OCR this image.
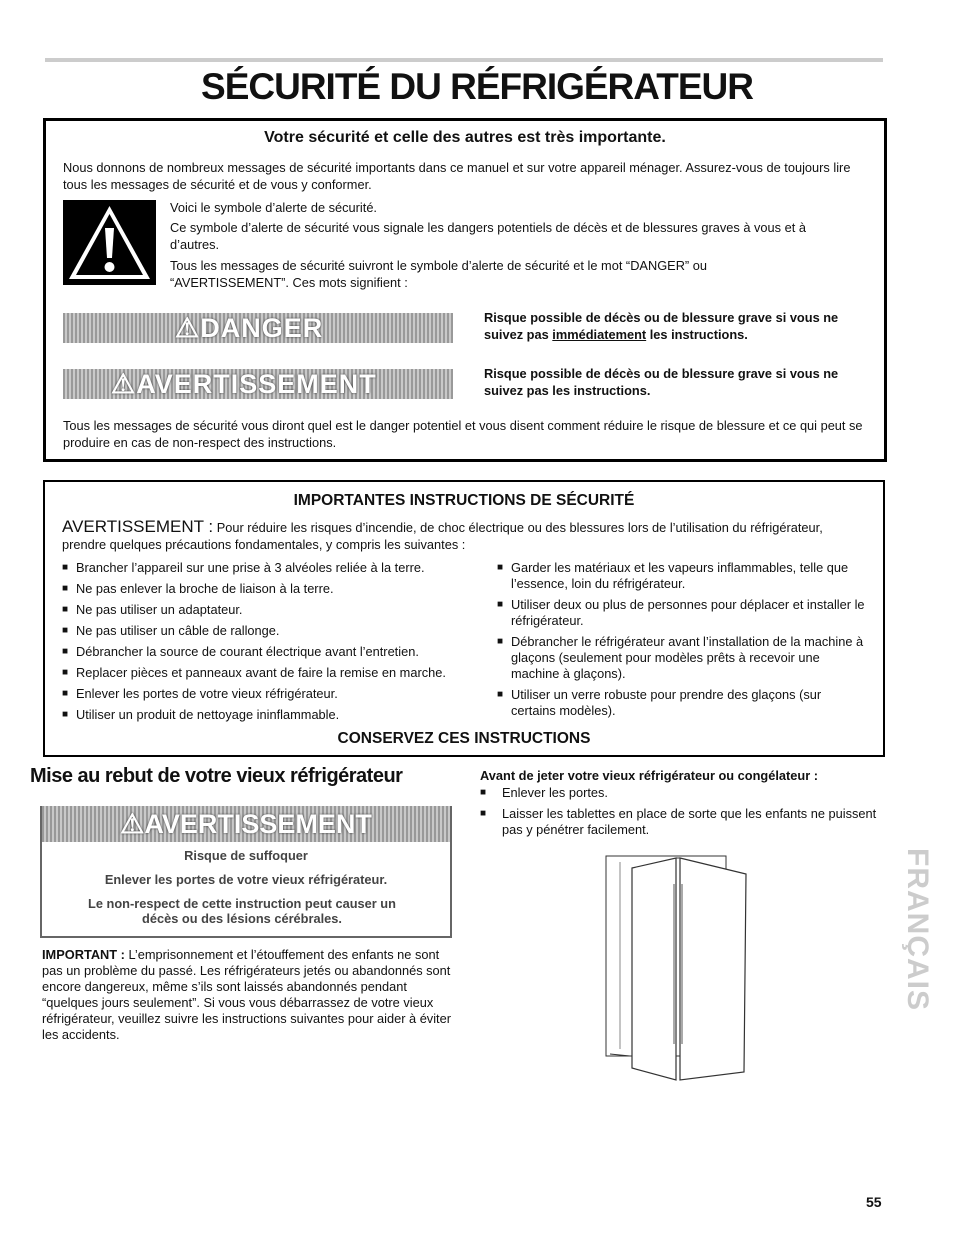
SÉCURITÉ DU RÉFRIGÉRATEUR
Votre sécurité et celle des autres est très importante.
Nous donnons de nombreux messages de sécurité importants dans ce manuel et sur votre appareil ménager. Assurez-vous de toujours lire tous les messages de sécurité et de vous y conformer.
Voici le symbole d’alerte de sécurité.
Ce symbole d’alerte de sécurité vous signale les dangers potentiels de décès et de blessures graves à vous et à d’autres.
Tous les messages de sécurité suivront le symbole d’alerte de sécurité et le mot “DANGER” ou “AVERTISSEMENT”. Ces mots signifient :
⚠DANGER	Risque possible de décès ou de blessure grave si vous ne suivez pas immédiatement les instructions.
⚠AVERTISSEMENT	Risque possible de décès ou de blessure grave si vous ne suivez pas les instructions.
Tous les messages de sécurité vous diront quel est le danger potentiel et vous disent comment réduire le risque de blessure et ce qui peut se produire en cas de non-respect des instructions.
IMPORTANTES INSTRUCTIONS DE SÉCURITÉ
AVERTISSEMENT : Pour réduire les risques d’incendie, de choc électrique ou des blessures lors de l’utilisation du réfrigérateur, prendre quelques précautions fondamentales, y compris les suivantes :
■ Brancher l’appareil sur une prise à 3 alvéoles reliée à la terre.
■ Ne pas enlever la broche de liaison à la terre.
■ Ne pas utiliser un adaptateur.
■ Ne pas utiliser un câble de rallonge.
■ Débrancher la source de courant électrique avant l’entretien.
■ Replacer pièces et panneaux avant de faire la remise en marche.
■ Enlever les portes de votre vieux réfrigérateur.
■ Utiliser un produit de nettoyage ininflammable.
■ Garder les matériaux et les vapeurs inflammables, telle que l’essence, loin du réfrigérateur.
■ Utiliser deux ou plus de personnes pour déplacer et installer le réfrigérateur.
■ Débrancher le réfrigérateur avant l’installation de la machine à glaçons (seulement pour modèles prêts à recevoir une machine à glaçons).
■ Utiliser un verre robuste pour prendre des glaçons (sur certains modèles).
CONSERVEZ CES INSTRUCTIONS
Mise au rebut de votre vieux réfrigérateur
⚠AVERTISSEMENT
Risque de suffoquer
Enlever les portes de votre vieux réfrigérateur.
Le non-respect de cette instruction peut causer un décès ou des lésions cérébrales.
IMPORTANT : L’emprisonnement et l’étouffement des enfants ne sont pas un problème du passé. Les réfrigérateurs jetés ou abandonnés sont encore dangereux, même s’ils sont laissés abandonnés pendant “quelques jours seulement”. Si vous vous débarrassez de votre vieux réfrigérateur, veuillez suivre les instructions suivantes pour aider à éviter les accidents.
Avant de jeter votre vieux réfrigérateur ou congélateur :
■ Enlever les portes.
■ Laisser les tablettes en place de sorte que les enfants ne puissent pas y pénétrer facilement.
FRANÇAIS
55
